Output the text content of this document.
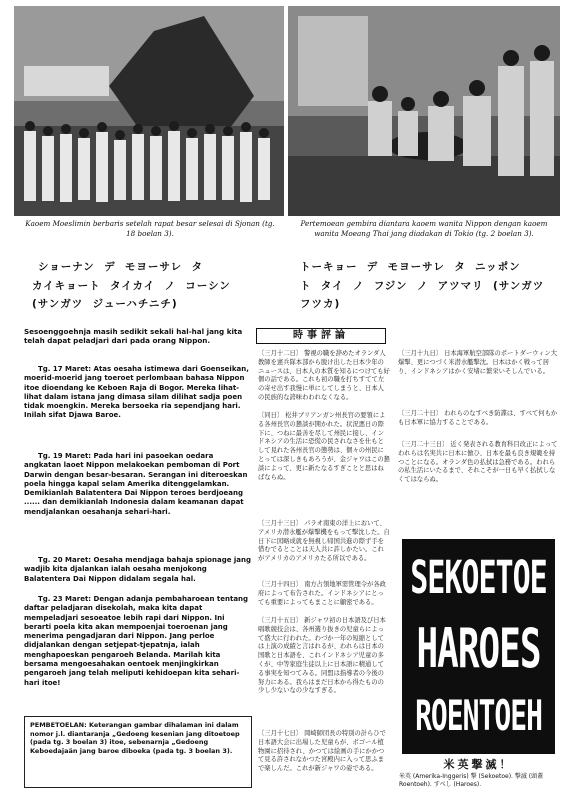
Kaoem Moeslimin berbaris setelah rapat besar selesai di Sjonan (tg. 18 boelan 3).
Pertemoean gembira diantara kaoem wanita Nippon dengan kaoem wanita Moeang Thai jang diadakan di Tokio (tg. 2 boelan 3).
ショーナン  デ  モヨーサレ  タ
カイキョート  タイカイ  ノ  コーシン
(サンガツ  ジューハチニチ)
トーキョー  デ  モヨーサレ  タ  ニッポン
ト  タイ  ノ  フジン  ノ  アツマリ  (サンガツ
フツカ)
Sesoenggoehnja masih sedikit sekali hal-hal jang kita telah dapat peladjari dari pada orang Nippon.
Tg. 17 Maret: Atas oesaha istimewa dari Goenseikan, moerid-moerid jang toeroet perlombaan bahasa Nippon itoe dioendang ke Keboen Raja di Bogor. Mereka lihat-lihat dalam istana jang dimasa silam dilihat sadja poen tidak moengkin. Mereka bersoeka ria sependjang hari. Inilah sifat Djawa Baroe.
Tg. 19 Maret: Pada hari ini pasoekan oedara angkatan laoet Nippon melakoekan pemboman di Port Darwin dengan besar-besaran. Serangan ini diteroeskan poela hingga kapal selam Amerika ditenggelamkan. Demikianlah Balatentera Dai Nippon teroes berdjoeang ...... dan demikianlah Indonesia dalam keamanan dapat mendjalankan oesahanja sehari-hari.
Tg. 20 Maret: Oesaha mendjaga bahaja spionage jang wadjib kita djalankan ialah oesaha menjokong Balatentera Dai Nippon didalam segala hal.
Tg. 23 Maret: Dengan adanja pembaharoean tentang daftar peladjaran disekolah, maka kita dapat mempeladjari sesoeatoe lebih rapi dari Nippon. Ini berarti poela kita akan mempoenjai toeroenan jang menerima pengadjaran dari Nippon. Jang perloe didjalankan dengan setjepat-tjepatnja, ialah menghapoeskan pengaroeh Belanda. Marilah kita bersama mengoesahakan oentoek menjingkirkan pengaroeh jang telah meliputi kehidoepan kita sehari-hari itoe!
PEMBETOELAN: Keterangan gambar dihalaman ini dalam nomor j.l. diantaranja „Gedoeng kesenian jang ditoetoep (pada tg. 3 boelan 3) itoe, sebenarnja „Gedoeng Keboedajaän jang baroe diboeka (pada tg. 3 boelan 3).
時事評論
〔三月十二日〕 警視の職を辞めたオランダ人教師を憲兵隊本部から脱け出した日本少年のニュースは、日本人の本質を知るにつけても好個の話である。これも初の職を打ちすてて左の寄せ出す我慢に単にしてしまうと、日本人の民族的な誇味わわれなくなる。
〔同日〕 松井ブリアンガン州長官の要領による各州長官の懇談が開かれた。状況悪日の際下に、つねに最善を尽して州民に接し、インドネシアの生活に恐慌の民されなさを仕もとして見れた各州長官の態勢は、個々の州民にとっては深しきもあろうが、金ジャワはこの懇談によって、更に新たなるすぎことと思はねばならぬ。
〔三月十三日〕 パラオ南東の洋上において、アメリカ潜水艦が爆撃機をもって撃沈した。自日下に図略成就を無視し帰国共進の際ず手を惜むでるとことは天人共に許しかたい。これがアメリカのアメリカたる所以である。
〔三月十四日〕 南方占領地軍需管理令が各政府によって布告された。インドネシアにとっても重要によってもまことに顧密である。
〔三月十五日〕 新ジャワ初の日本語及び日本唱歌競技会は、各州選り抜きの児童らによって盛大に行われた。わづか一年の短縮としては上演の成績と言はれるが、われらは日本の国歌と日本語を、これインドネシア児童の多くが、中等家庭生徒以上に日本語に精通してる事実を知つてみる。同盟は指導者の今後の努力にある。我らはまだ日本から得たものの少し少ないなの少なすぎる。
〔三月十七日〕 岡崎師団長の特別の計らひで日本語大会に出場した児童らが、ボゴール植物園に招待され、かつては絵画の手にかかつて見る許されなかつた宮殿内に入って思ふまで楽しんだ。これが新ジャワの姿である。
〔三月十九日〕 日本海軍航空部隊のポートダーウィン大爆撃、更につづく米潜水艦撃沈。日本はかく戦って居り、インドネシアはかく安堵に繁栄いそしんでいる。
〔三月二十日〕 われらのなすべき防諜は、すべて何もかも日本軍に協力することである。
〔三月二十三日〕 近く発表される教育科目改正によってわれらは名実共に日本に倣ひ、日本を最も良き規範を持つことになる。オランダ色の払拭は急務である。われらの私生活にいたるまで、それこそが一日も早く払拭しなくてはならぬ。
SEKOETOE
HAROES
ROENTOEH
米英撃滅！
米英 (Amerika-Inggeris) 撃 (Sekoetoe). 撃滅 (頭蓋 Roentoeh). すべし (Haroes).
